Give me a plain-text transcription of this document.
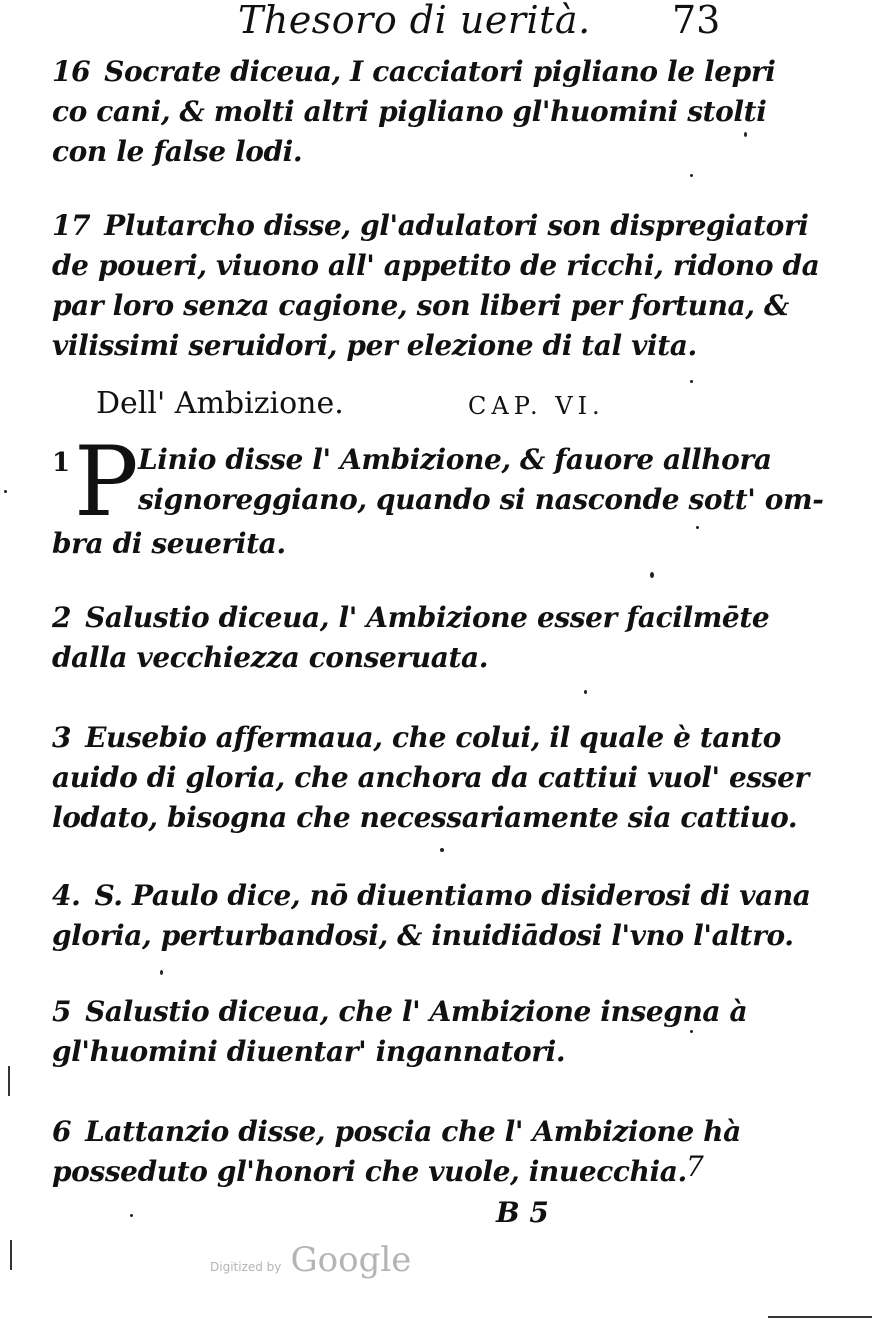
Thesoro di uerità. 73
16 Socrate diceua, I cacciatori pigliano le lepri
co cani, & molti altri pigliano gl'huomini stolti
con le false lodi.
17 Plutarcho disse, gl'adulatori son dispregiatori
de poueri, viuono all' appetito de ricchi, ridono da
par loro senza cagione, son liberi per fortuna, &
vilissimi seruidori, per elezione di tal vita.
Dell' Ambizione.	CAP. VI.
1 P Linio disse l' Ambizione, & fauore allhora
signoreggiano, quando si nasconde sott' om-
bra di seuerita.
2 Salustio diceua, l' Ambizione esser facilmēte
dalla vecchiezza conseruata.
3 Eusebio affermaua, che colui, il quale è tanto
auido di gloria, che anchora da cattiui vuol' esser
lodato, bisogna che necessariamente sia cattiuo.
4. S. Paulo dice, nō diuentiamo disiderosi di vana
gloria, perturbandosi, & inuidiādosi l'vno l'altro.
5 Salustio diceua, che l' Ambizione insegna à
gl'huomini diuentar' ingannatori.
6 Lattanzio disse, poscia che l' Ambizione hà
posseduto gl'honori che vuole, inuecchia. 7
B 5
Digitized by Google
